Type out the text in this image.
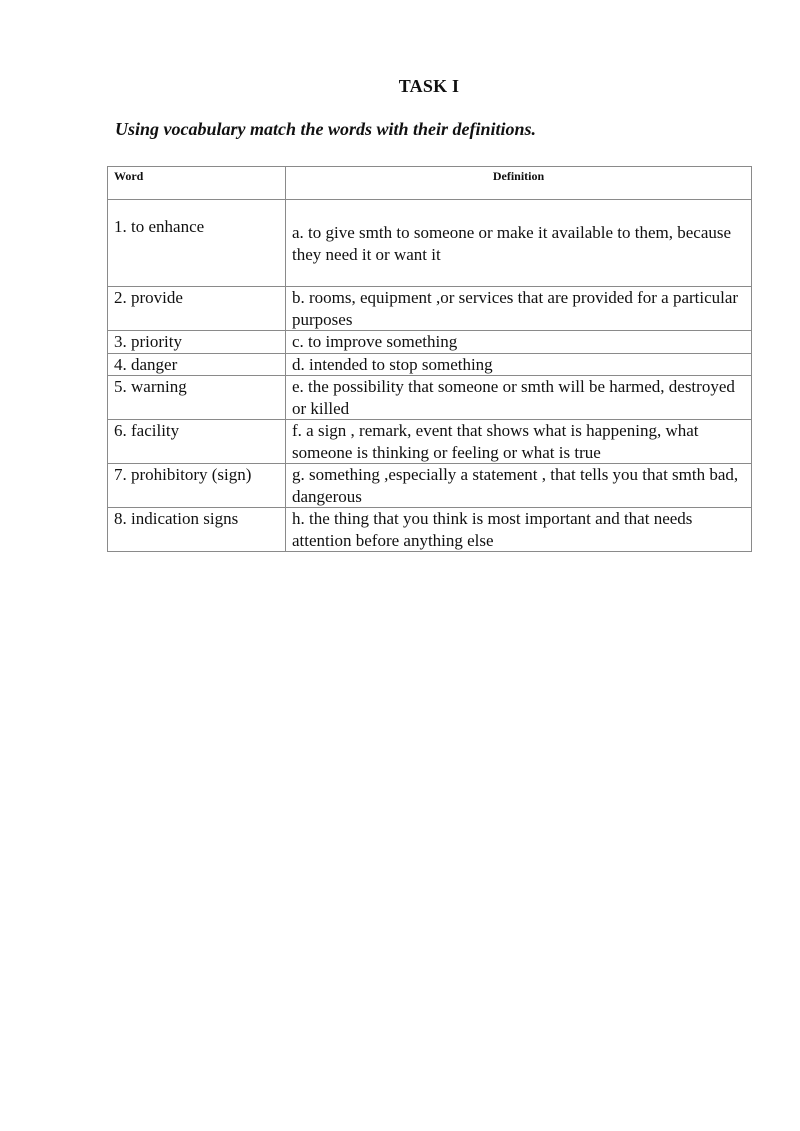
TASK I
Using vocabulary match the words with their definitions.
Word	Definition
1. to enhance	a. to give smth to someone or make it available to them, because they need it or want it
2. provide	b. rooms, equipment ,or services that are provided for a particular purposes
3. priority	c. to improve something
4. danger	d. intended to stop something
5. warning	e. the possibility that someone or smth will be harmed, destroyed or killed
6. facility	f. a sign , remark, event that shows what is happening, what someone is thinking or feeling or what is true
7. prohibitory (sign)	g. something ,especially a statement , that tells you that smth bad, dangerous
8. indication signs	h. the thing that you think is most important and that needs attention before anything else
